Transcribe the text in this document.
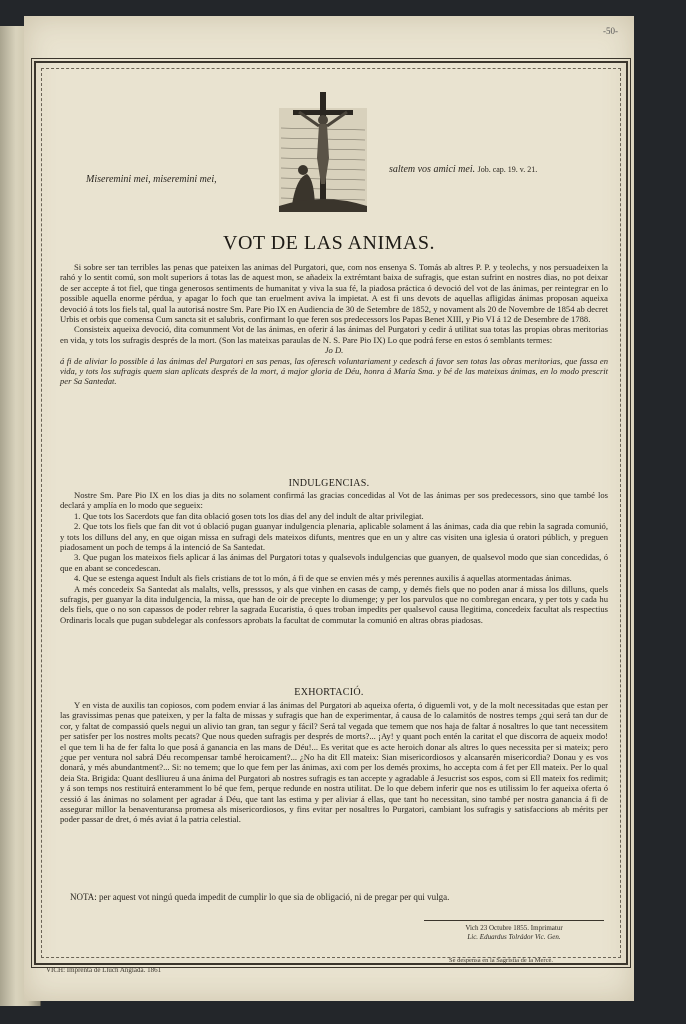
-50-
Miseremini mei, miseremini mei,
saltem vos amici mei. Job. cap. 19. v. 21.
VOT DE LAS ANIMAS.

Si sobre ser tan terribles las penas que pateixen las animas del Purgatori, que, com nos ensenya S. Tomás ab altres P. P. y teolechs, y nos persuadeixen la rahó y lo sentit comú, son molt superiors á totas las de aquest mon, se añadeix la extrémtant baixa de sufragis, que estan sufrint en nostres dias, no pot deixar de ser accepte á tot fiel, que tinga generosos sentiments de humanitat y viva la sua fé, la piadosa práctica ó devoció del vot de las ánimas, per reintegrar en lo possible aquella enorme pérdua, y apagar lo foch que tan eruelment aviva la impietat. A est fi uns devots de aquellas afligidas ánimas proposan aqueixa devoció á tots los fiels tal, qual la autorisá nostre Sm. Pare Pio IX en Audiencia de 30 de Setembre de 1852, y novament als 20 de Novembre de 1854 ab decret Urbis et orbis que comensa Cum sancta sit et salubris, confirmant lo que feren sos predecessors los Papas Benet XIII, y Pio VI á 12 de Desembre de 1788.

Consisteix aqueixa devoció, dita comunment Vot de las ánimas, en oferir á las ánimas del Purgatori y cedir á utilitat sua totas las propias obras meritorias en vida, y tots los sufragis després de la mort. (Son las mateixas paraulas de N. S. Pare Pio IX) Lo que podrá ferse en estos ó semblants termes:

Jo D.

á fi de aliviar lo possible á las ánimas del Purgatori en sas penas, las oferesch voluntariament y cedesch á favor sen totas las obras meritorias, que fassa en vida, y tots los sufragis quem sian aplicats després de la mort, á major gloria de Déu, honra á María Sma. y bé de las mateixas ánimas, en lo modo prescrit per Sa Santedat.

INDULGENCIAS.

Nostre Sm. Pare Pio IX en los dias ja dits no solament confirmá las gracias concedidas al Vot de las ánimas per sos predecessors, sino que també los declará y amplía en lo modo que segueix:

1. Que tots los Sacerdots que fan dita oblació gosen tots los dias del any del indult de altar privilegiat.

2. Que tots los fiels que fan dit vot ú oblació pugan guanyar indulgencia plenaria, aplicable solament á las ánimas, cada dia que rebin la sagrada comunió, y tots los dilluns del any, en que oigan missa en sufragi dels mateixos difunts, mentres que en un y altre cas visiten una iglesia ú oratori públich, y preguen piadosament un poch de temps á la intenció de Sa Santedat.

3. Que pugan los mateixos fiels aplicar á las ánimas del Purgatori totas y qualsevols indulgencias que guanyen, de qualsevol modo que sian concedidas, ó que en abant se concedescan.

4. Que se estenga aquest Indult als fiels cristians de tot lo món, á fi de que se envien més y més perennes auxilis á aquellas atormentadas ánimas.

A més concedeix Sa Santedat als malalts, vells, presssos, y als que vinhen en casas de camp, y demés fiels que no poden anar á missa los dilluns, quels sufragis, per guanyar la dita indulgencia, la missa, que han de oir de precepte lo diumenge; y per los parvulos que no combregan encara, y per tots y cada hu dels fiels, que o no son capassos de poder rebrer la sagrada Eucaristia, ó ques troban impedits per qualsevol causa llegitima, concedeix facultat als respectius Ordinaris locals que pugan subdelegar als confessors aprobats la facultat de commutar la comunió en altras obras piadosas.

EXHORTACIÓ.

Y en vista de auxilis tan copiosos, com podem enviar á las ánimas del Purgatori ab aqueixa oferta, ó diguemli vot, y de la molt necessitadas que estan per las gravissimas penas que pateixen, y per la falta de missas y sufragis que han de experimentar, á causa de lo calamitós de nostres temps ¿qui será tan dur de cor, y faltat de compassió quels negui un alivio tan gran, tan segur y fácil? Será tal vegada que temem que nos haja de faltar á nosaltres lo que tant necessitem per satisfer per los nostres molts pecats? Que nous queden sufragis per després de morts?... ¡Ay! y quant poch entén la caritat el que discorra de aqueix modo! el que tem li ha de fer falta lo que posá á ganancia en las mans de Déu!... Es veritat que es acte heroich donar als altres lo ques necessita per si mateix; pero ¿que per ventura nol sabrá Déu recompensar també heroicament?... ¿No ha dit Ell mateix: Sian misericordiosos y alcansarén misericordia? Donau y es vos donará, y més abundantment?... Si: no temem; que lo que fem per las ánimas, axi com per los demés proxims, ho accepta com á fet per Ell mateix. Per lo qual deia Sta. Brigida: Quant deslliureu á una ánima del Purgatori ab nostres sufragis es tan accepte y agradable á Jesucrist sos espos, com si Ell mateix fos redimit; y á son temps nos restituirá enteramment lo bé que fem, perque redunde en nostra utilitat. De lo que debem inferir que nos es utilissim lo fer aqueixa oferta ó cessió á las ánimas no solament per agradar á Déu, que tant las estima y per aliviar á ellas, que tant ho necessitan, sino també per nostra ganancia á fi de assegurar millor la benaventuransa promesa als misericordiosos, y fins evitar per nosaltres lo Purgatori, cambiant los sufragis y satisfaccions ab mérits per poder passar de dret, ó més aviat á la patria celestial.

NOTA: per aquest vot ningú queda impedit de cumplir lo que sia de obligació, ni de pregar per qui vulga.
Vich 23 Octubre 1855. Imprimatur
Lic. Eduardus Tolrádor Vic. Gen.
VICH: Imprenta de Lluch Anglada. 1861
Se despensa en la Sagristía de la Mercé.
